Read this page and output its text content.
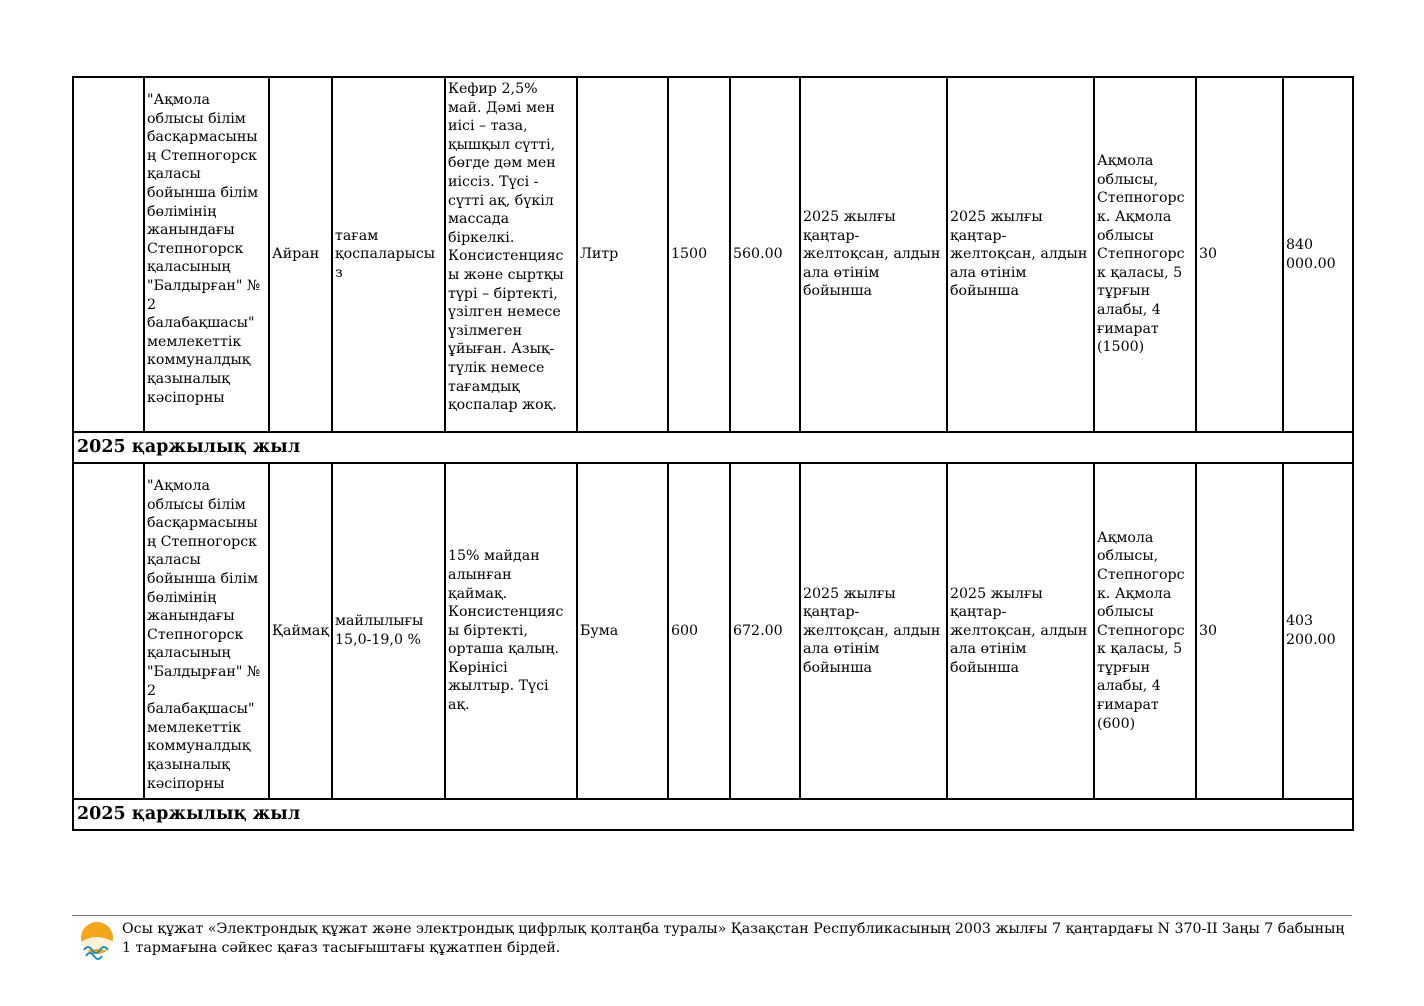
	"Ақмола облысы білім басқармасының Степногорск қаласы бойынша білім бөлімінің жанындағы Степногорск қаласының "Балдырған" № 2 балабақшасы" мемлекеттік коммуналдық қазыналық кәсіпорны	Айран	тағам қоспаларысыз	Кефир 2,5% май. Дәмі мен иісі – таза, қышқыл сүтті, бөгде дәм мен иіссіз. Түсі - сүтті ақ, бүкіл массада біркелкі. Консистенциясы және сыртқы түрі – біртекті, үзілген немесе үзілмеген ұйыған. Азық-түлік немесе тағамдық қоспалар жоқ.	Литр	1500	560.00	2025 жылғы қаңтар-желтоқсан, алдын ала өтінім бойынша	2025 жылғы қаңтар-желтоқсан, алдын ала өтінім бойынша	Ақмола облысы, Степногорск. Ақмола облысы Степногорск қаласы, 5 тұрғын алабы, 4 ғимарат (1500)	30	840 000.00
2025 қаржылық жыл												
	"Ақмола облысы білім басқармасының Степногорск қаласы бойынша білім бөлімінің жанындағы Степногорск қаласының "Балдырған" № 2 балабақшасы" мемлекеттік коммуналдық қазыналық кәсіпорны	Қаймақ	майлылығы 15,0-19,0 %	15% майдан алынған қаймақ. Консистенциясы біртекті, орташа қалың. Көрінісі жылтыр. Түсі ақ.	Бума	600	672.00	2025 жылғы қаңтар-желтоқсан, алдын ала өтінім бойынша	2025 жылғы қаңтар-желтоқсан, алдын ала өтінім бойынша	Ақмола облысы, Степногорск. Ақмола облысы Степногорск қаласы, 5 тұрғын алабы, 4 ғимарат (600)	30	403 200.00
2025 қаржылық жыл												
Осы құжат «Электрондық құжат және электрондық цифрлық қолтаңба туралы» Қазақстан Республикасының 2003 жылғы 7 қаңтардағы N 370-II Заңы 7 бабының 1 тармағына сәйкес қағаз тасығыштағы құжатпен бірдей.
